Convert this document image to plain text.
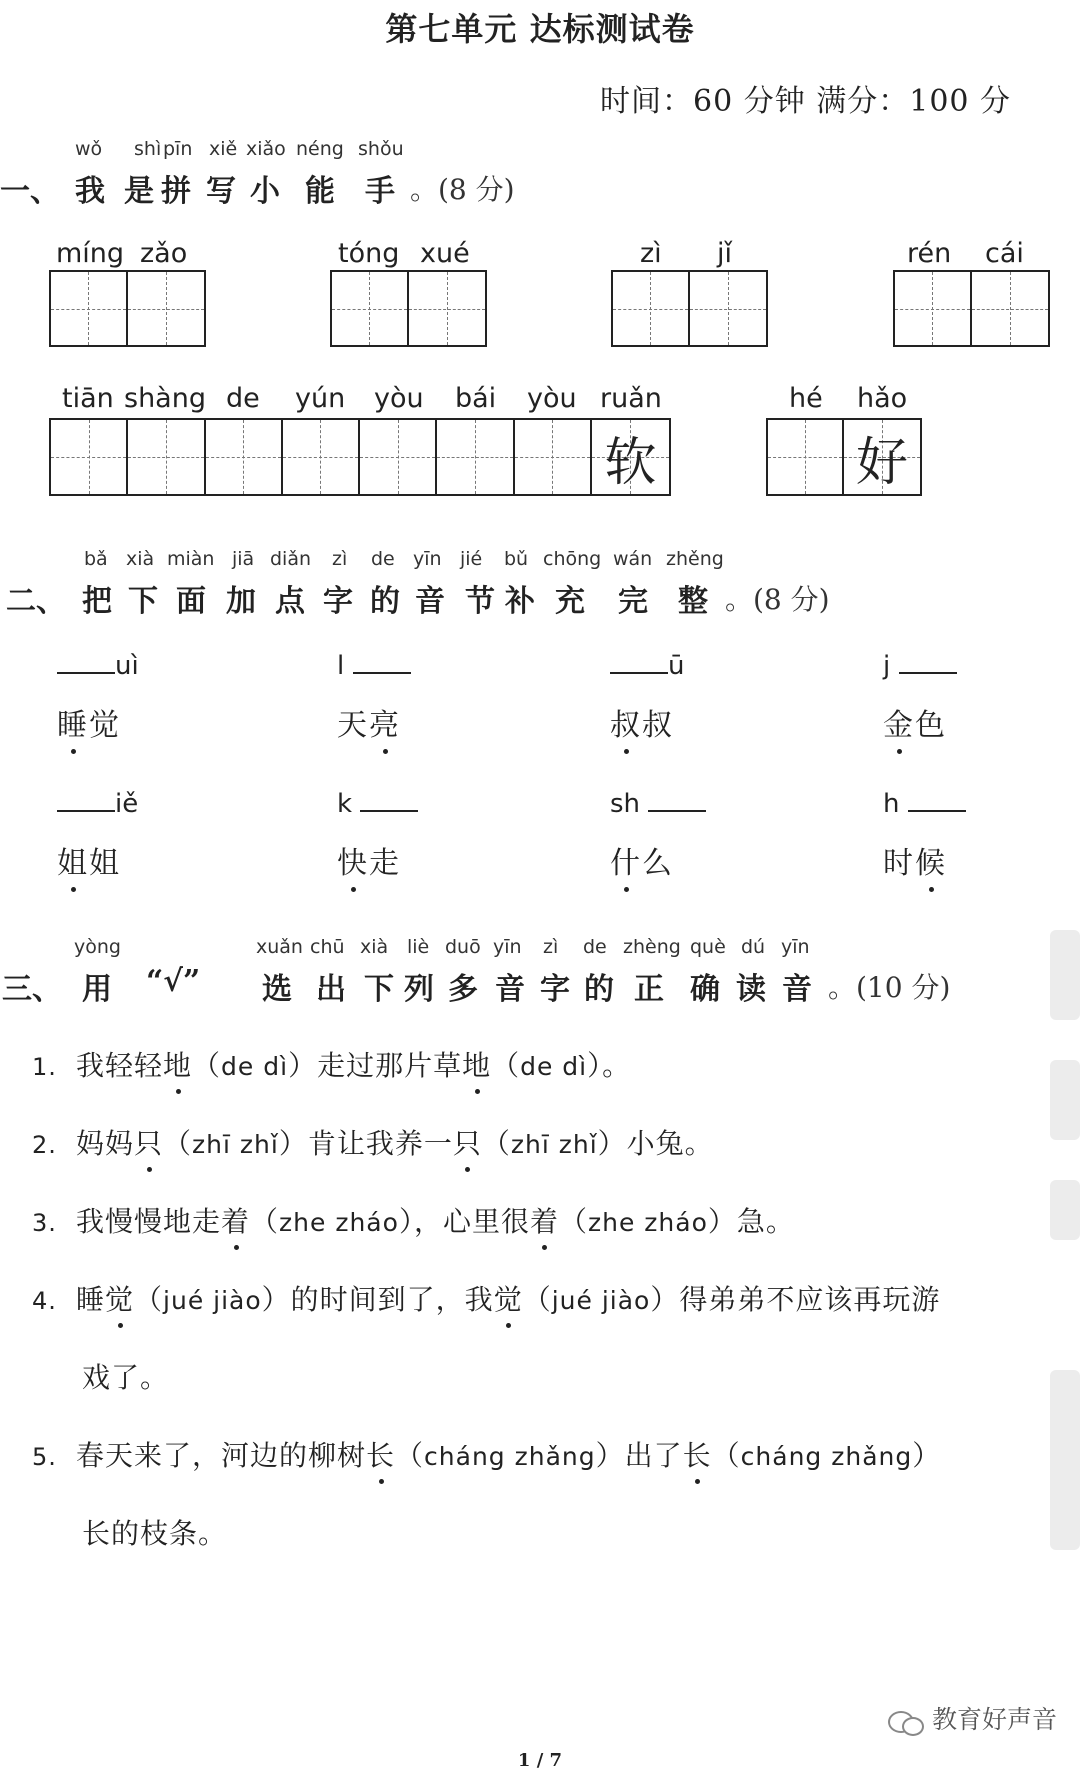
第七单元 达标测试卷
时间：60 分钟 满分：100 分
wǒ shì pīn xiě xiǎo néng shǒu
一、 我 是 拼 写 小 能 手 。(8 分)
míng zǎo	tóng xué	zì jǐ	rén cái
tiān shàng de yún yòu bái yòu ruǎn	hé hǎo
软	好
bǎ xià miàn jiā diǎn zì de yīn jié bǔ chōng wán zhěng
二、 把 下 面 加 点 字 的 音 节 补 充 完 整 。(8 分)
uì
睡觉
l
天亮
ū
叔叔
j
金色
iě
姐姐
k
快走
sh
什么
h
时候
yòng	xuǎn chū xià liè duō yīn zì de zhèng què dú yīn
三、 用 “√” 选 出 下 列 多 音 字 的 正 确 读 音 。(10 分)
1. 我轻轻地（de dì）走过那片草地（de dì）。
2. 妈妈只（zhī zhǐ）肯让我养一只（zhī zhǐ）小兔。
3. 我慢慢地走着（zhe zháo），心里很着（zhe zháo）急。
4. 睡觉（jué jiào）的时间到了，我觉（jué jiào）得弟弟不应该再玩游
戏了。
5. 春天来了，河边的柳树长（cháng zhǎng）出了长（cháng zhǎng）
长的枝条。
教育好声音
1 / 7
